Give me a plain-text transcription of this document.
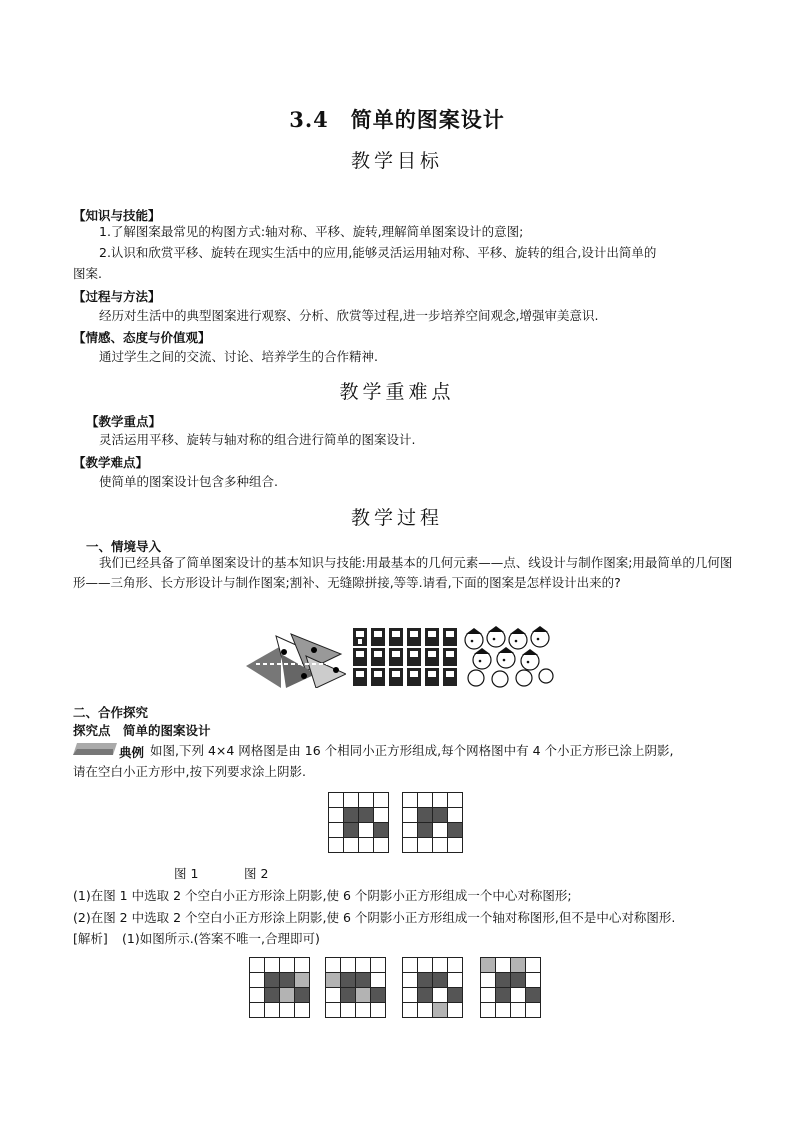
3.4　简单的图案设计
教学目标
【知识与技能】
1.了解图案最常见的构图方式:轴对称、平移、旋转,理解简单图案设计的意图;
2.认识和欣赏平移、旋转在现实生活中的应用,能够灵活运用轴对称、平移、旋转的组合,设计出简单的
图案.
【过程与方法】
经历对生活中的典型图案进行观察、分析、欣赏等过程,进一步培养空间观念,增强审美意识.
【情感、态度与价值观】
通过学生之间的交流、讨论、培养学生的合作精神.
教学重难点
【教学重点】
灵活运用平移、旋转与轴对称的组合进行简单的图案设计.
【教学难点】
使简单的图案设计包含多种组合.
教学过程
一、情境导入
我们已经具备了简单图案设计的基本知识与技能:用最基本的几何元素——点、线设计与制作图案;用最简单的几何图形——三角形、长方形设计与制作图案;割补、无缝隙拼接,等等.请看,下面的图案是怎样设计出来的?
二、合作探究
探究点　简单的图案设计
典例 如图,下列 4×4 网格图是由 16 个相同小正方形组成,每个网格图中有 4 个小正方形已涂上阴影,
请在空白小正方形中,按下列要求涂上阴影.
图 1	图 2
(1)在图 1 中选取 2 个空白小正方形涂上阴影,使 6 个阴影小正方形组成一个中心对称图形;
(2)在图 2 中选取 2 个空白小正方形涂上阴影,使 6 个阴影小正方形组成一个轴对称图形,但不是中心对称图形.
[解析] (1)如图所示.(答案不唯一,合理即可)
